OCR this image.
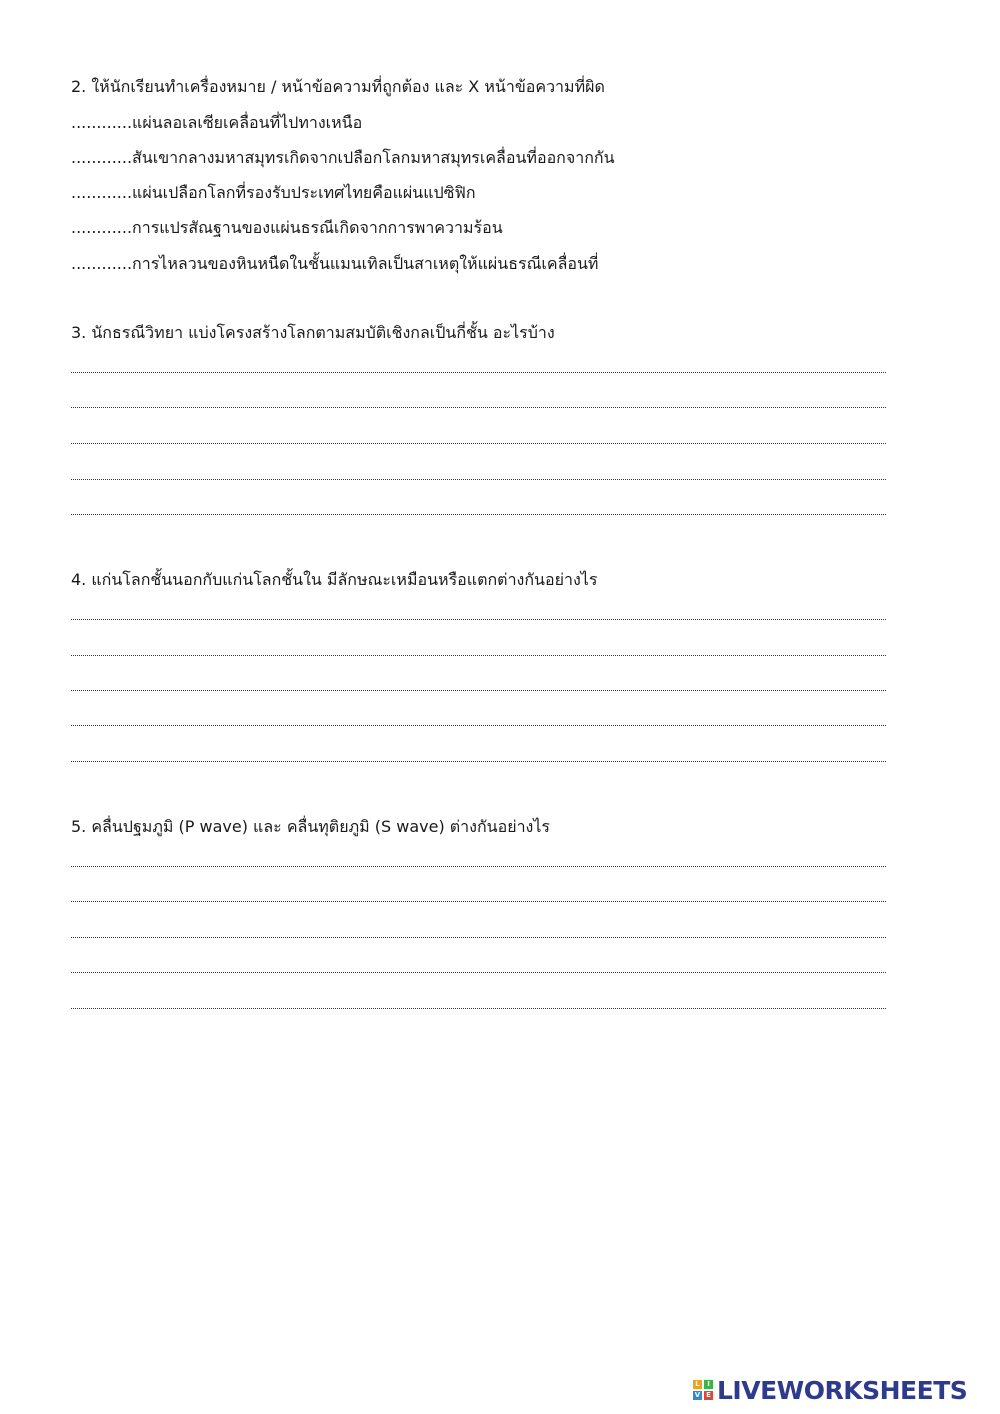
2. ให้นักเรียนทำเครื่องหมาย / หน้าข้อความที่ถูกต้อง และ X หน้าข้อความที่ผิด
............แผ่นลอเลเซียเคลื่อนที่ไปทางเหนือ
............สันเขากลางมหาสมุทรเกิดจากเปลือกโลกมหาสมุทรเคลื่อนที่ออกจากกัน
............แผ่นเปลือกโลกที่รองรับประเทศไทยคือแผ่นแปซิฟิก
............การแปรสัณฐานของแผ่นธรณีเกิดจากการพาความร้อน
............การไหลวนของหินหนืดในชั้นแมนเทิลเป็นสาเหตุให้แผ่นธรณีเคลื่อนที่
3. นักธรณีวิทยา แบ่งโครงสร้างโลกตามสมบัติเชิงกลเป็นกี่ชั้น อะไรบ้าง
4. แก่นโลกชั้นนอกกับแก่นโลกชั้นใน มีลักษณะเหมือนหรือแตกต่างกันอย่างไร
5. คลื่นปฐมภูมิ (P wave) และ คลื่นทุติยภูมิ (S wave) ต่างกันอย่างไร
L	I
V E LIVEWORKSHEETS
